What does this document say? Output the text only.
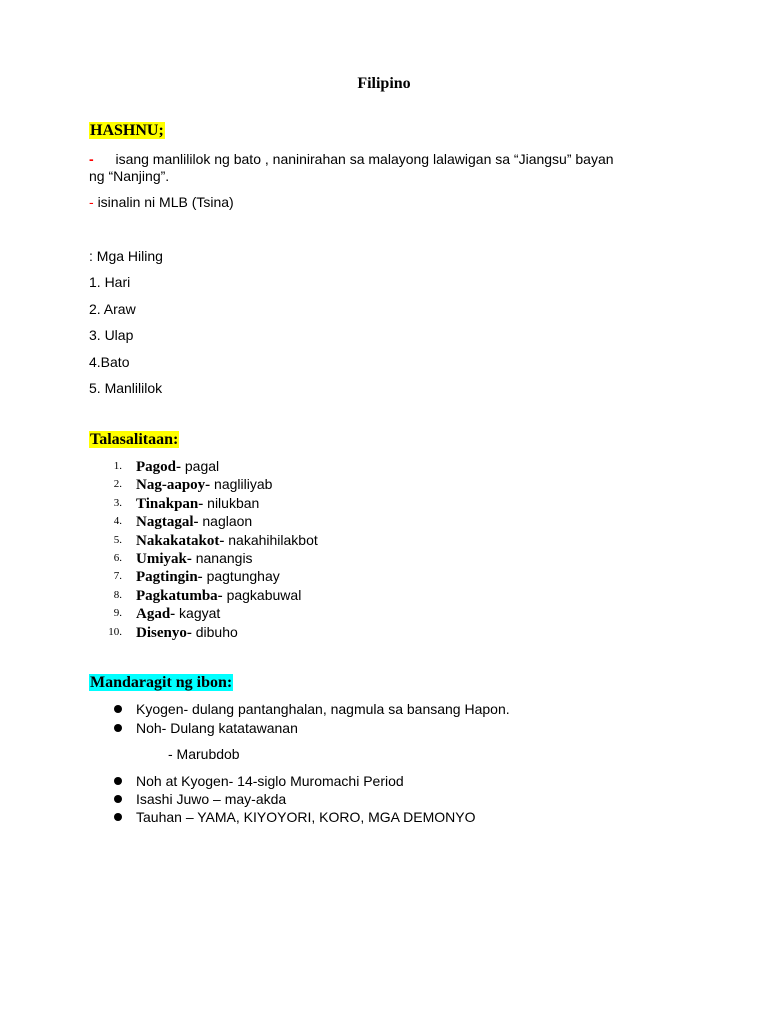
Filipino
HASHNU;
- isang manlililok ng bato , naninirahan sa malayong lalawigan sa “Jiangsu” bayan
ng “Nanjing”.
- isinalin ni MLB (Tsina)
: Mga Hiling
1. Hari
2. Araw
3. Ulap
4.Bato
5. Manlililok
Talasalitaan:
1. Pagod- pagal
2. Nag-aapoy- nagliliyab
3. Tinakpan- nilukban
4. Nagtagal- naglaon
5. Nakakatakot- nakahihilakbot
6. Umiyak- nanangis
7. Pagtingin- pagtunghay
8. Pagkatumba- pagkabuwal
9. Agad- kagyat
10. Disenyo- dibuho
Mandaragit ng ibon:
Kyogen- dulang pantanghalan, nagmula sa bansang Hapon.
Noh- Dulang katatawanan
- Marubdob
Noh at Kyogen- 14-siglo Muromachi Period
Isashi Juwo – may-akda
Tauhan – YAMA, KIYOYORI, KORO, MGA DEMONYO
